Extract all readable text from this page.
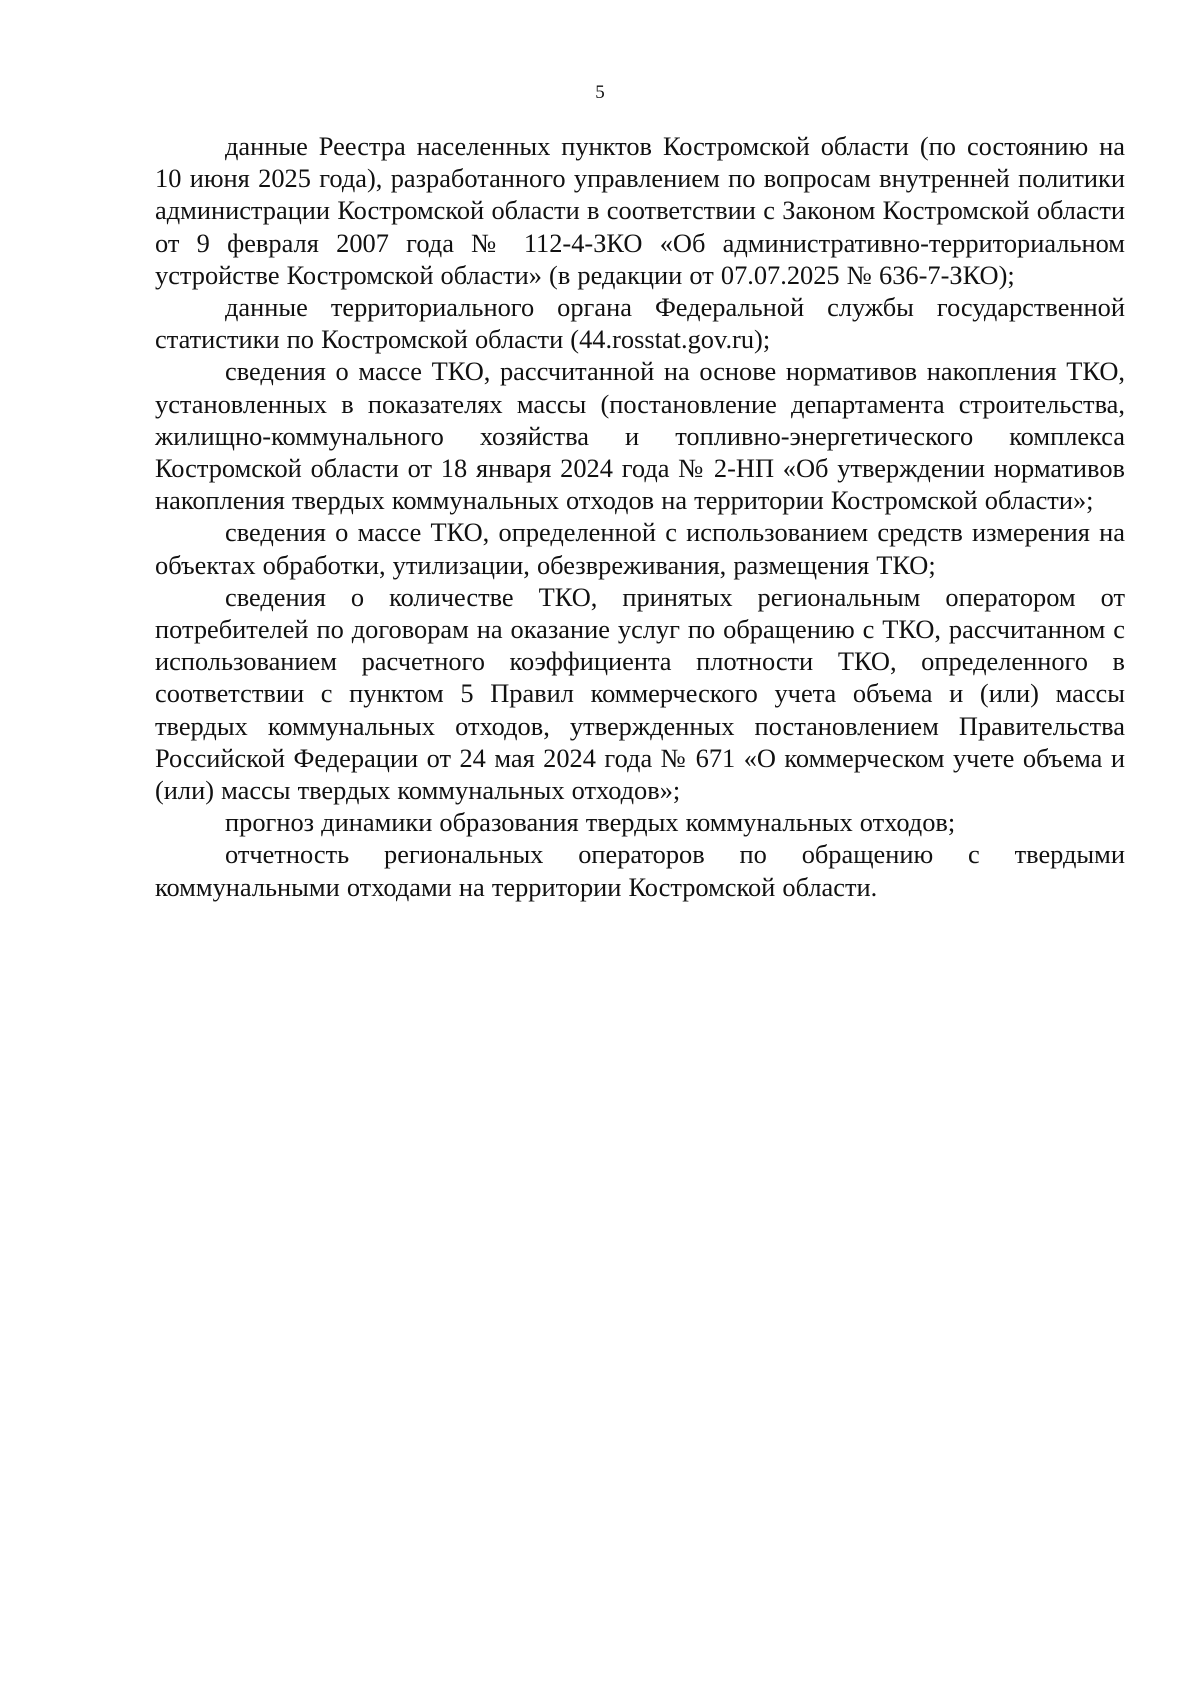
5

данные Реестра населенных пунктов Костромской области (по состоянию на 10 июня 2025 года), разработанного управлением по вопросам внутренней политики администрации Костромской области в соответствии с Законом Костромской области от 9 февраля 2007 года № 112-4-ЗКО «Об административно-территориальном устройстве Костромской области» (в редакции от 07.07.2025 № 636-7-ЗКО);

данные территориального органа Федеральной службы государственной статистики по Костромской области (44.rosstat.gov.ru);

сведения о массе ТКО, рассчитанной на основе нормативов накопления ТКО, установленных в показателях массы (постановление департамента строительства, жилищно-коммунального хозяйства и топливно-энергетического комплекса Костромской области от 18 января 2024 года № 2-НП «Об утверждении нормативов накопления твердых коммунальных отходов на территории Костромской области»;

сведения о массе ТКО, определенной с использованием средств измерения на объектах обработки, утилизации, обезвреживания, размещения ТКО;

сведения о количестве ТКО, принятых региональным оператором от потребителей по договорам на оказание услуг по обращению с ТКО, рассчитанном с использованием расчетного коэффициента плотности ТКО, определенного в соответствии с пунктом 5 Правил коммерческого учета объема и (или) массы твердых коммунальных отходов, утвержденных постановлением Правительства Российской Федерации от 24 мая 2024 года № 671 «О коммерческом учете объема и (или) массы твердых коммунальных отходов»;

прогноз динамики образования твердых коммунальных отходов;

отчетность региональных операторов по обращению с твердыми коммунальными отходами на территории Костромской области.
